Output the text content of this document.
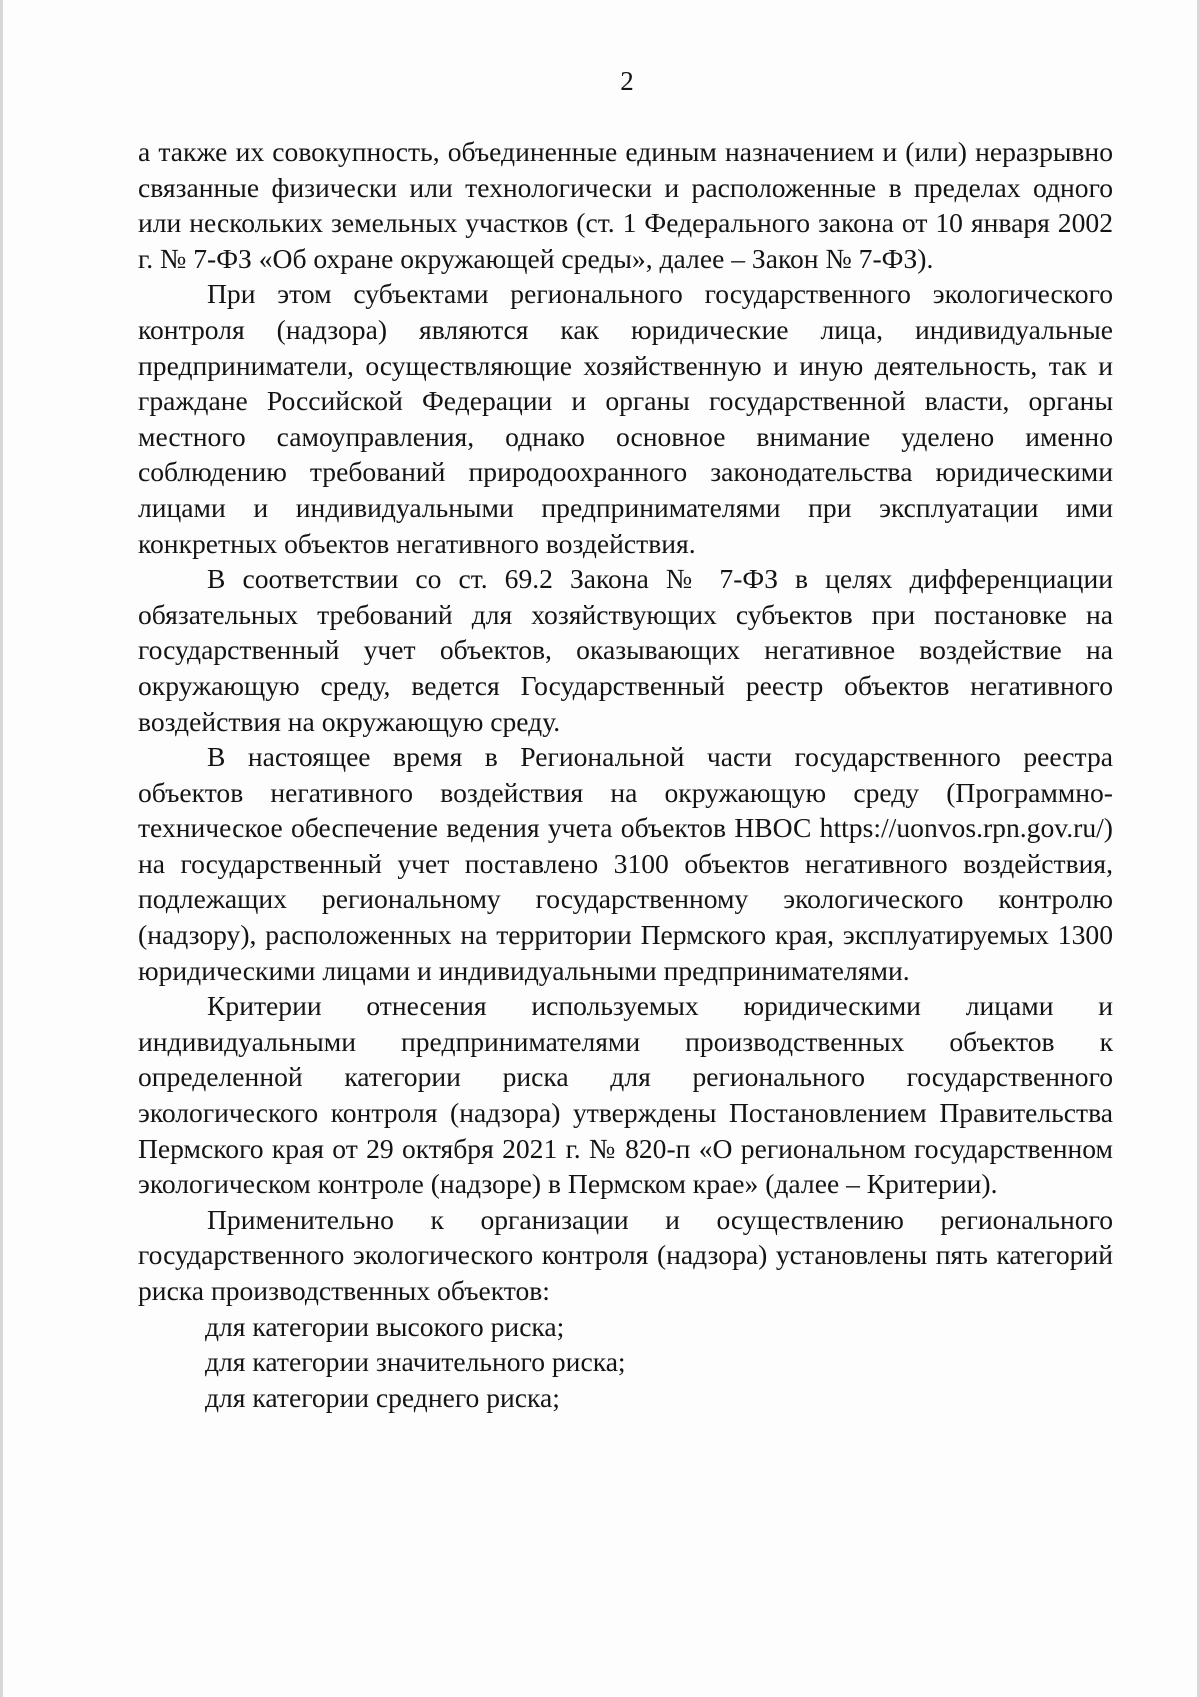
2

а также их совокупность, объединенные единым назначением и (или) неразрывно связанные физически или технологически и расположенные в пределах одного или нескольких земельных участков (ст. 1 Федерального закона от 10 января 2002 г. № 7-ФЗ «Об охране окружающей среды», далее – Закон № 7-ФЗ).

При этом субъектами регионального государственного экологического контроля (надзора) являются как юридические лица, индивидуальные предприниматели, осуществляющие хозяйственную и иную деятельность, так и граждане Российской Федерации и органы государственной власти, органы местного самоуправления, однако основное внимание уделено именно соблюдению требований природоохранного законодательства юридическими лицами и индивидуальными предпринимателями при эксплуатации ими конкретных объектов негативного воздействия.

В соответствии со ст. 69.2 Закона № 7-ФЗ в целях дифференциации обязательных требований для хозяйствующих субъектов при постановке на государственный учет объектов, оказывающих негативное воздействие на окружающую среду, ведется Государственный реестр объектов негативного воздействия на окружающую среду.

В настоящее время в Региональной части государственного реестра объектов негативного воздействия на окружающую среду (Программно-техническое обеспечение ведения учета объектов НВОС https://uonvos.rpn.gov.ru/) на государственный учет поставлено 3100 объектов негативного воздействия, подлежащих региональному государственному экологического контролю (надзору), расположенных на территории Пермского края, эксплуатируемых 1300 юридическими лицами и индивидуальными предпринимателями.

Критерии отнесения используемых юридическими лицами и индивидуальными предпринимателями производственных объектов к определенной категории риска для регионального государственного экологического контроля (надзора) утверждены Постановлением Правительства Пермского края от 29 октября 2021 г. № 820-п «О региональном государственном экологическом контроле (надзоре) в Пермском крае» (далее – Критерии).

Применительно к организации и осуществлению регионального государственного экологического контроля (надзора) установлены пять категорий риска производственных объектов:

для категории высокого риска;

для категории значительного риска;

для категории среднего риска;
